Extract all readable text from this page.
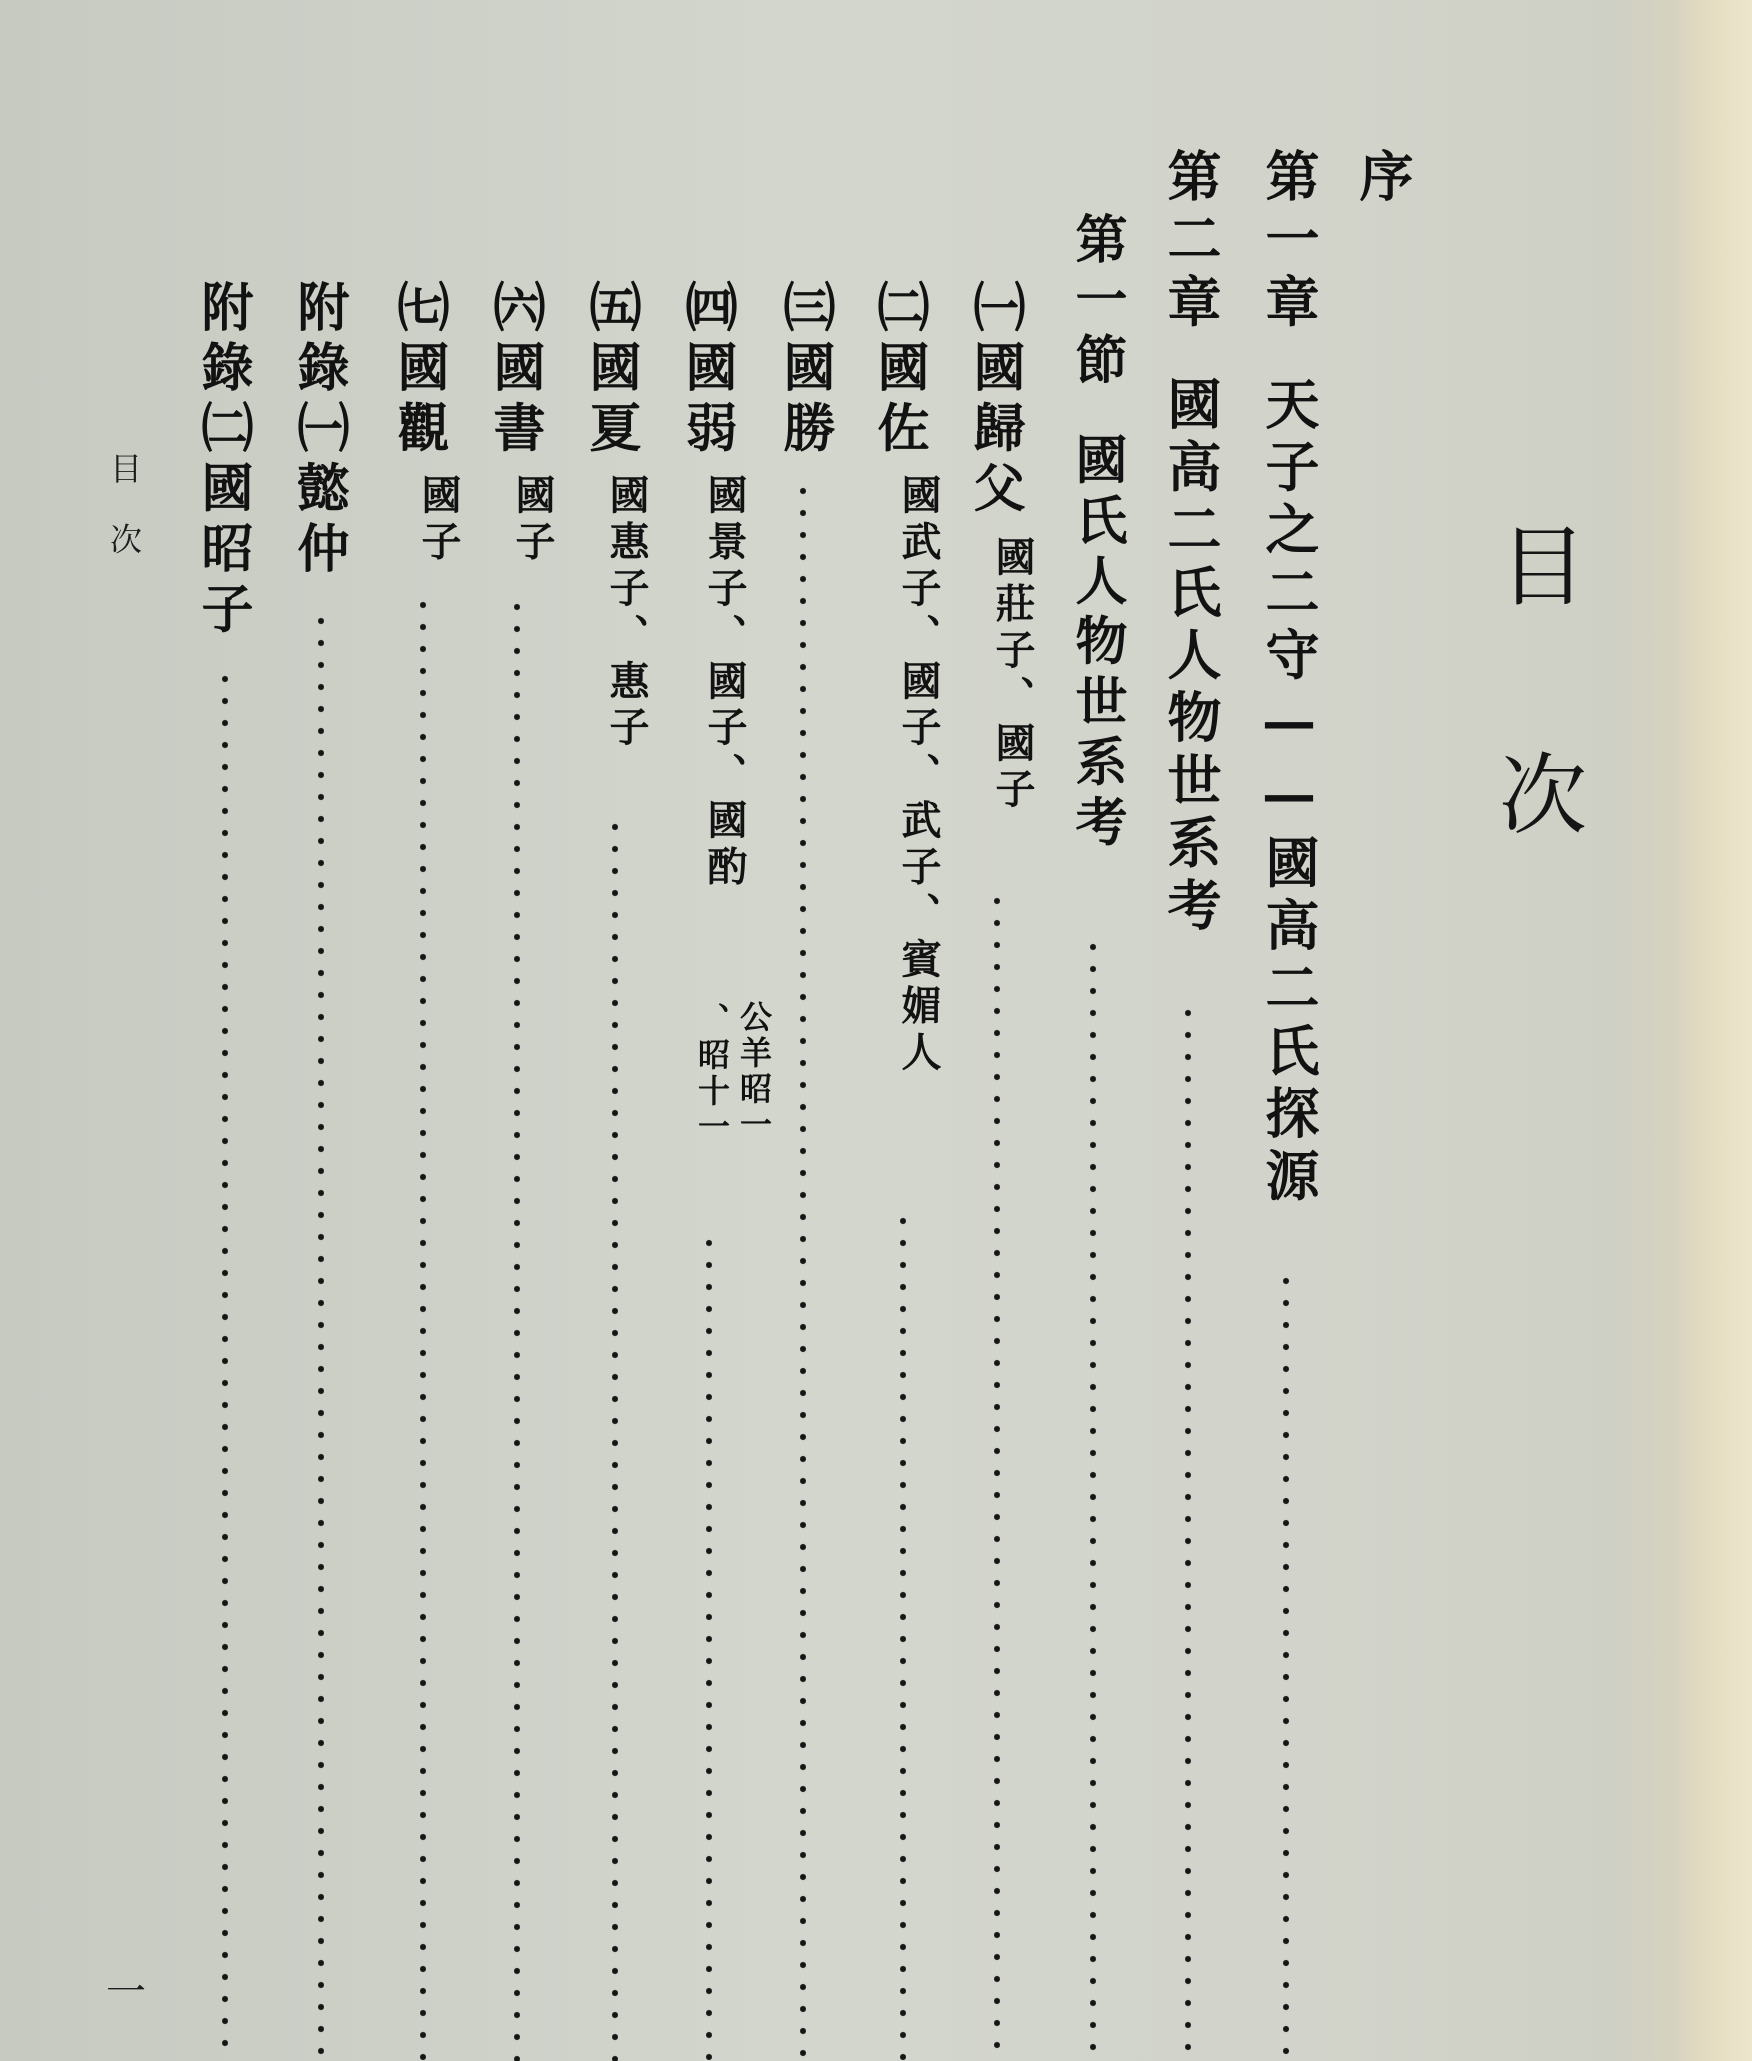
目次
序
第一章天子之二守——國高二氏探源
第二章國高二氏人物世系考
第一節國氏人物世系考
㈠國歸父
國莊子、國子
㈡國佐
國武子、國子、武子、賓媚人
㈢國勝
㈣國弱
國景子、國子、國酌
公羊昭一
、昭十一
㈤國夏
國惠子、惠子
㈥國書
國子
㈦國觀
國子
附錄㈠懿仲
附錄㈡國昭子
目次
一
